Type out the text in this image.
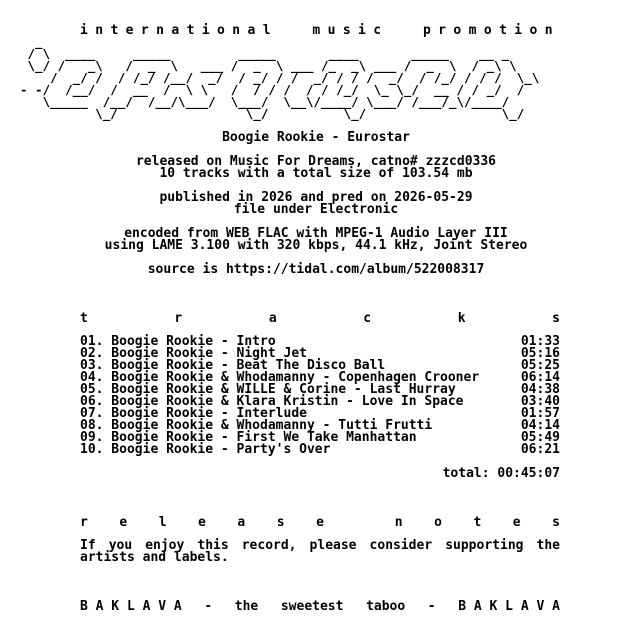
international	music	promotion
_
/ \  ____     _____         _____       ____       _____    __ _
\_/ /   _\   /  _  \   ___ /  _  \ ___ /_  _\ ___ /  _  \  / _\ \
/  _/ /  / /_/ /__/  _/  / _/ / /  _/ / / /  _/  / /_/ / / /  \_\
- -/  /__/  /  __  /  \ \   /  / / /  / / /_/  \_ \_/  __ / / _/  /
\_____  /__/  /__/\___/  \___/  \__\/____/ \___/ /___/_\/____/
\_/                 \_/          \_/                  \_/
Boogie Rookie - Eurostar
released on Music For Dreams, catno# zzzcd0336
10 tracks with a total size of 103.54 mb
published in 2026 and pred on 2026-05-29
file under Electronic
encoded from WEB FLAC with MPEG-1 Audio Layer III
using LAME 3.100 with 320 kbps, 44.1 kHz, Joint Stereo
source is https://tidal.com/album/522008317
t	r	a	c	k	s
01. Boogie Rookie - Intro	01:33
02. Boogie Rookie - Night Jet	05:16
03. Boogie Rookie - Beat The Disco Ball	05:25
04. Boogie Rookie & Whodamanny - Copenhagen Crooner	06:14
05. Boogie Rookie & WILLE & Corine - Last Hurray	04:38
06. Boogie Rookie & Klara Kristin - Love In Space	03:40
07. Boogie Rookie - Interlude	01:57
08. Boogie Rookie & Whodamanny - Tutti Frutti	04:14
09. Boogie Rookie - First We Take Manhattan	05:49
10. Boogie Rookie - Party's Over	06:21
total: 00:45:07
r e l e a s e
	n o t e s
If you enjoy this record, please consider supporting the
artists and labels.
B A K L A V A - the sweetest taboo - B A K L A V A
